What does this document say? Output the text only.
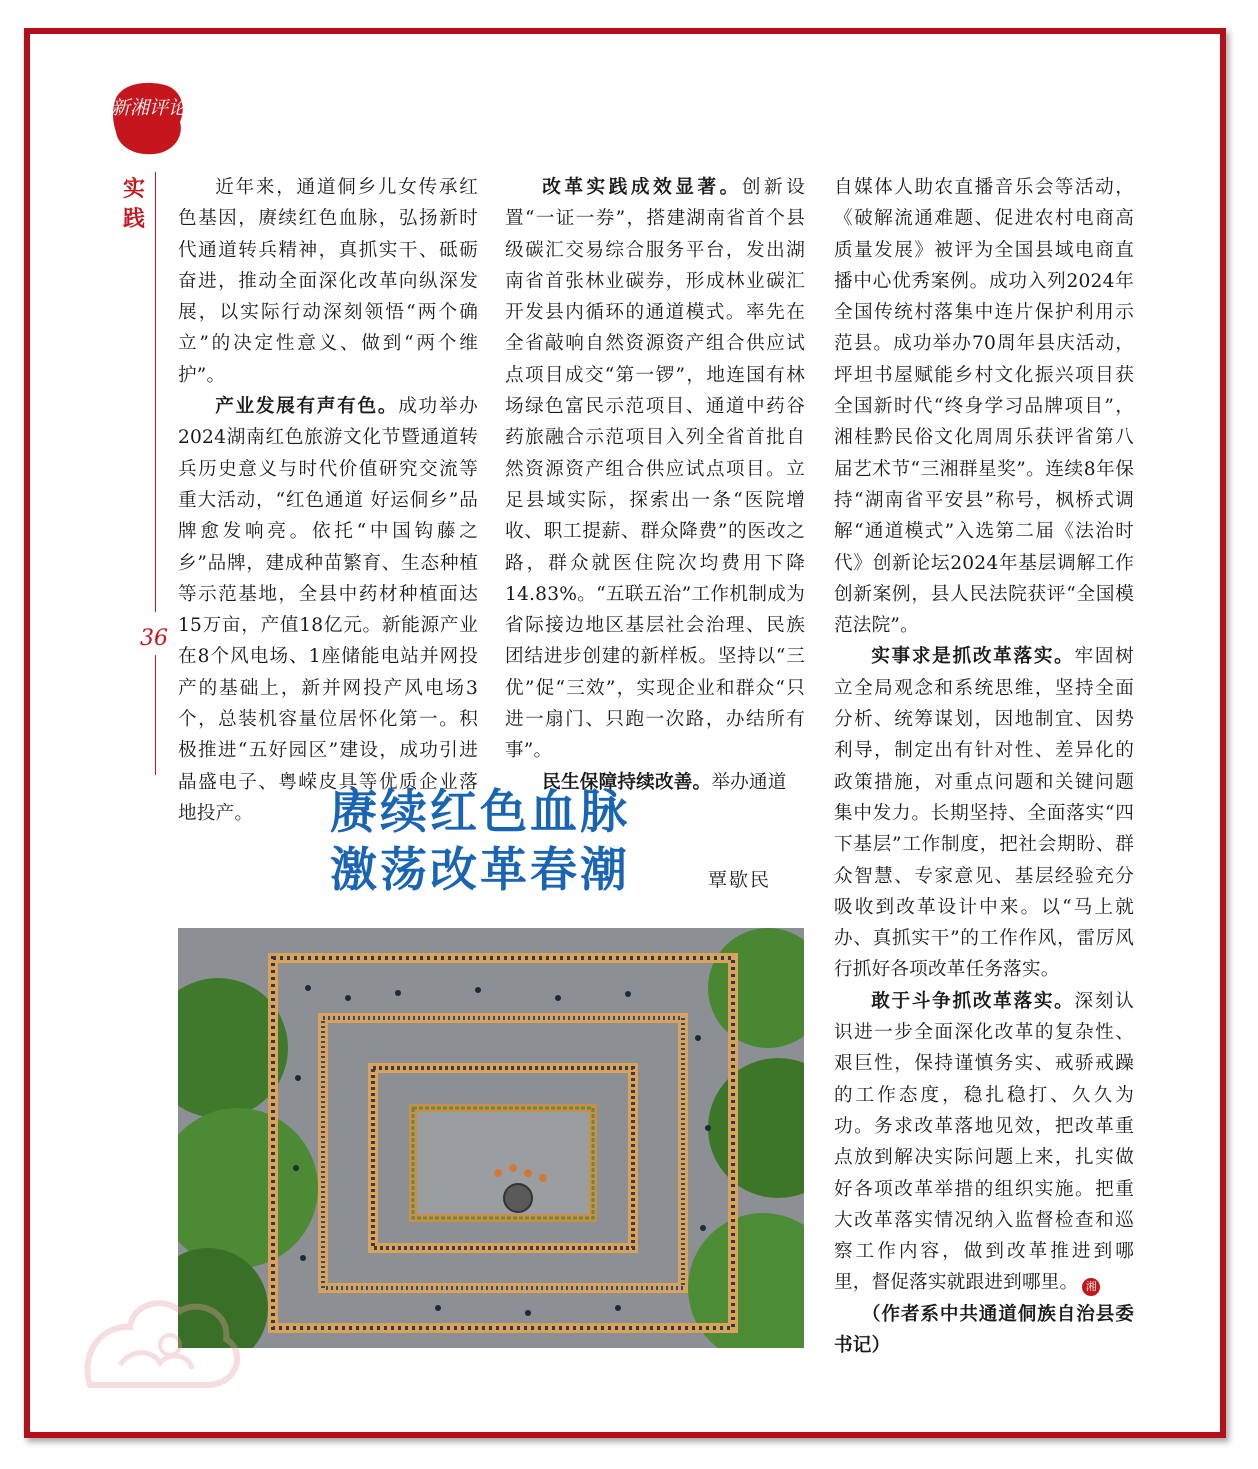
新湘评论
实践
36

近年来，通道侗乡儿女传承红色基因，赓续红色血脉，弘扬新时代通道转兵精神，真抓实干、砥砺奋进，推动全面深化改革向纵深发展，以实际行动深刻领悟“两个确立”的决定性意义、做到“两个维护”。

产业发展有声有色。成功举办2024湖南红色旅游文化节暨通道转兵历史意义与时代价值研究交流等重大活动，“红色通道 好运侗乡”品牌愈发响亮。依托“中国钩藤之乡”品牌，建成种苗繁育、生态种植等示范基地，全县中药材种植面达15万亩，产值18亿元。新能源产业在8个风电场、1座储能电站并网投产的基础上，新并网投产风电场3个，总装机容量位居怀化第一。积极推进“五好园区”建设，成功引进晶盛电子、粤嵘皮具等优质企业落地投产。

改革实践成效显著。创新设置“一证一券”，搭建湖南省首个县级碳汇交易综合服务平台，发出湖南省首张林业碳券，形成林业碳汇开发县内循环的通道模式。率先在全省敲响自然资源资产组合供应试点项目成交“第一锣”，地连国有林场绿色富民示范项目、通道中药谷药旅融合示范项目入列全省首批自然资源资产组合供应试点项目。立足县域实际，探索出一条“医院增收、职工提薪、群众降费”的医改之路，群众就医住院次均费用下降14.83%。“五联五治”工作机制成为省际接边地区基层社会治理、民族团结进步创建的新样板。坚持以“三优”促“三效”，实现企业和群众“只进一扇门、只跑一次路，办结所有事”。

民生保障持续改善。举办通道

赓续红色血脉
激荡改革春潮	覃歇民

自媒体人助农直播音乐会等活动，《破解流通难题、促进农村电商高质量发展》被评为全国县域电商直播中心优秀案例。成功入列2024年全国传统村落集中连片保护利用示范县。成功举办70周年县庆活动，坪坦书屋赋能乡村文化振兴项目获全国新时代“终身学习品牌项目”，湘桂黔民俗文化周周乐获评省第八届艺术节“三湘群星奖”。连续8年保持“湖南省平安县”称号，枫桥式调解“通道模式”入选第二届《法治时代》创新论坛2024年基层调解工作创新案例，县人民法院获评“全国模范法院”。

实事求是抓改革落实。牢固树立全局观念和系统思维，坚持全面分析、统筹谋划，因地制宜、因势利导，制定出有针对性、差异化的政策措施，对重点问题和关键问题集中发力。长期坚持、全面落实“四下基层”工作制度，把社会期盼、群众智慧、专家意见、基层经验充分吸收到改革设计中来。以“马上就办、真抓实干”的工作作风，雷厉风行抓好各项改革任务落实。

敢于斗争抓改革落实。深刻认识进一步全面深化改革的复杂性、艰巨性，保持谨慎务实、戒骄戒躁的工作态度，稳扎稳打、久久为功。务求改革落地见效，把改革重点放到解决实际问题上来，扎实做好各项改革举措的组织实施。把重大改革落实情况纳入监督检查和巡察工作内容，做到改革推进到哪里，督促落实就跟进到哪里。 湘

（作者系中共通道侗族自治县委书记）
